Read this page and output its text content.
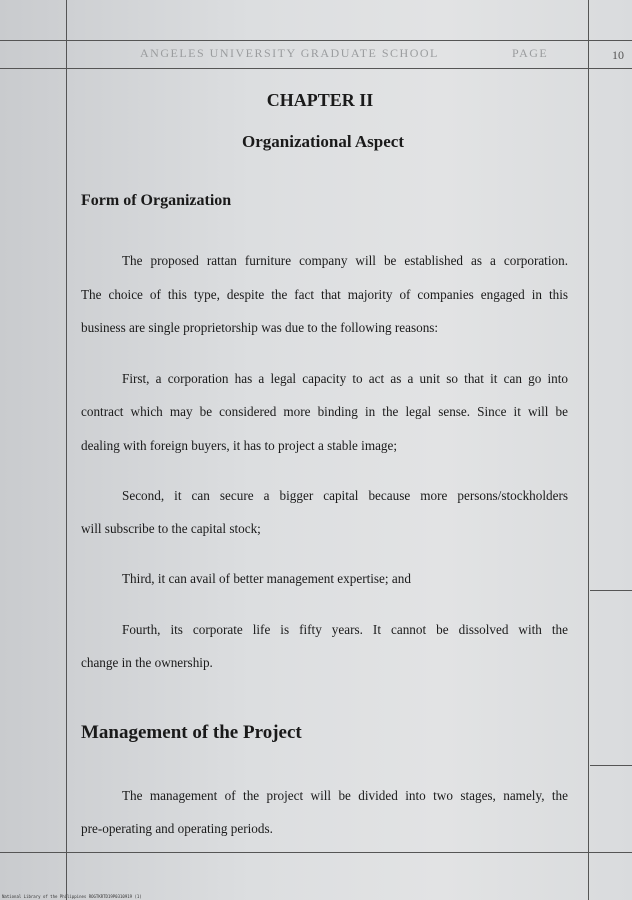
ANGELES UNIVERSITY GRADUATE SCHOOL	PAGE	10
CHAPTER II
Organizational Aspect
Form of Organization
The proposed rattan furniture company will be established as a corporation.
The choice of this type, despite the fact that majority of companies engaged in this
business are single proprietorship was due to the following reasons:
First, a corporation has a legal capacity to act as a unit so that it can go into
contract which may be considered more binding in the legal sense. Since it will be
dealing with foreign buyers, it has to project a stable image;
Second, it can secure a bigger capital because more persons/stockholders
will subscribe to the capital stock;
Third, it can avail of better management expertise; and
Fourth, its corporate life is fifty years. It cannot be dissolved with the
change in the ownership.
Management of the Project
The management of the project will be divided into two stages, namely, the
pre-operating and operating periods.
National Library of the Philippines ROGTKRTD19P0310919 (1)
